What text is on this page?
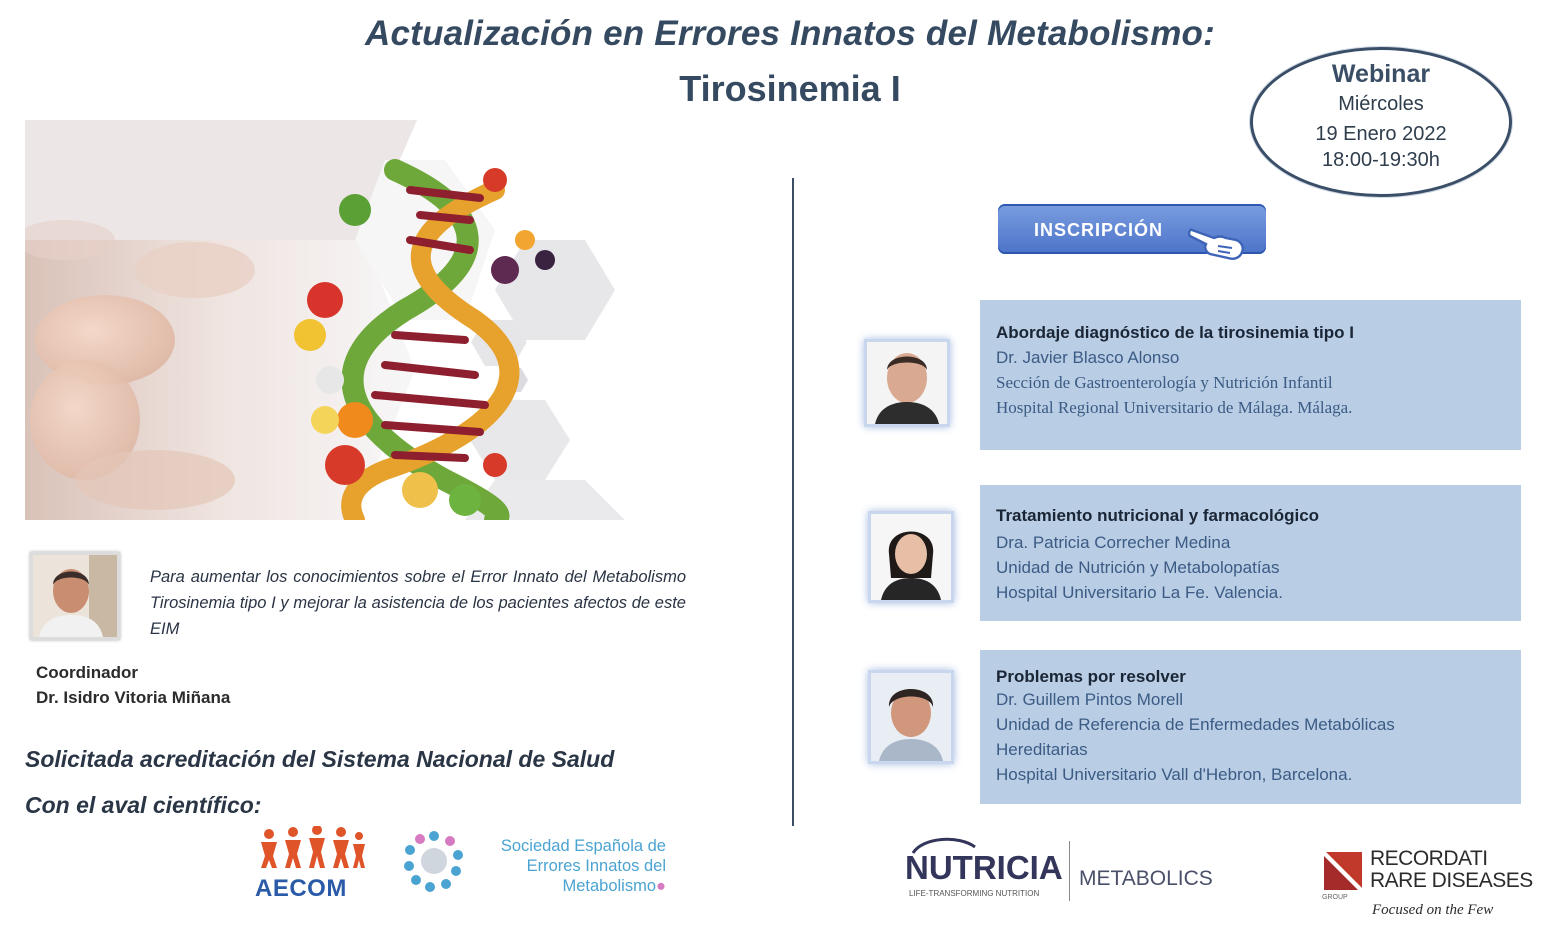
Actualización en Errores Innatos del Metabolismo:
Tirosinemia I	Webinar
Miércoles
19 Enero 2022
18:00-19:30h
INSCRIPCIÓN
Abordaje diagnóstico de la tirosinemia tipo I
Dr. Javier Blasco Alonso
Sección de Gastroenterología y Nutrición Infantil
Hospital Regional Universitario de Málaga. Málaga.
Tratamiento nutricional y farmacológico
Dra. Patricia Correcher Medina
Unidad de Nutrición y Metabolopatías
Hospital Universitario La Fe. Valencia.
Problemas por resolver
Dr. Guillem Pintos Morell
Unidad de Referencia de Enfermedades Metabólicas
Hereditarias
Hospital Universitario Vall d'Hebron, Barcelona.
Para aumentar los conocimientos sobre el Error Innato del Metabolismo Tirosinemia tipo I y mejorar la asistencia de los pacientes afectos de este EIM
Coordinador
Dr. Isidro Vitoria Miñana
Solicitada acreditación del Sistema Nacional de Salud
Con el aval científico:
AECOM
Sociedad Española de
Errores Innatos del
Metabolismo●	NUTRICIA
LIFE-TRANSFORMING NUTRITION
METABOLICS
RECORDATI
RARE DISEASES
GROUP
Focused on the Few
